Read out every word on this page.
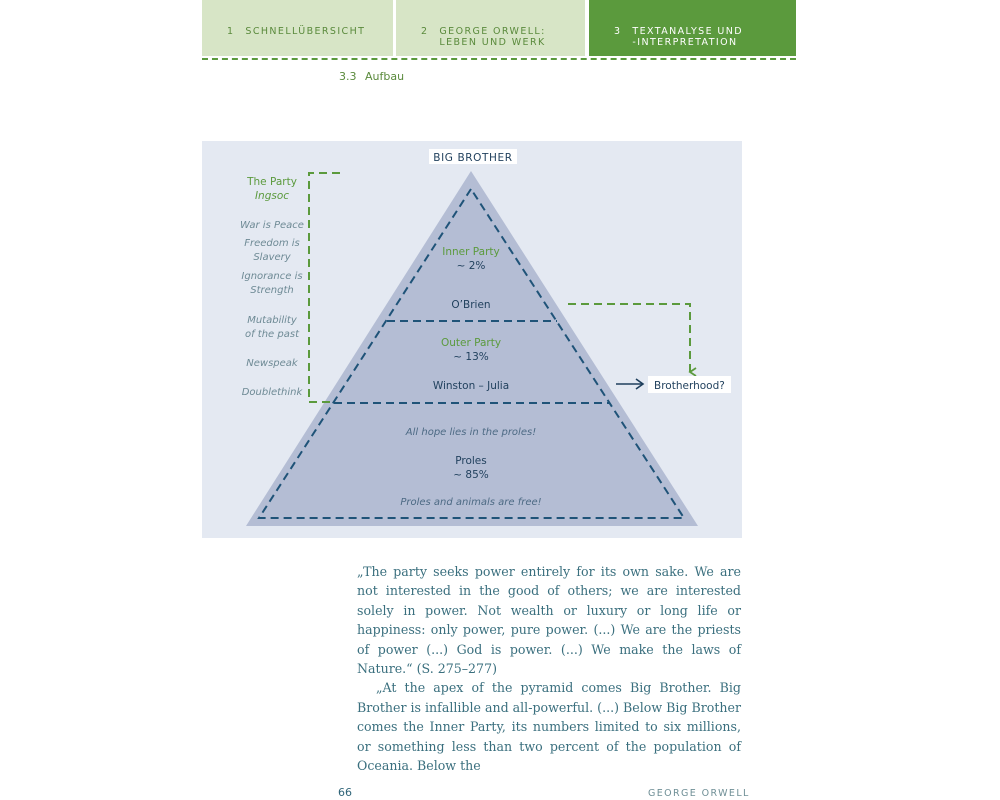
1 SCHNELLÜBERSICHT	2 GEORGE ORWELL:
LEBEN UND WERK
3 TEXTANALYSE UND
-INTERPRETATION
3.3 Aufbau
BIG BROTHER
Inner Party
~ 2%
O’Brien
Outer Party
~ 13%
Winston – Julia
All hope lies in the proles!
Proles
~ 85%
Proles and animals are free!
The Party
Ingsoc
War is Peace
Freedom is
Slavery
Ignorance is
Strength
Mutability
of the past
Newspeak
Doublethink
Brotherhood?

„The party seeks power entirely for its own sake. We are not interested in the good of others; we are interested solely in power. Not wealth or luxury or long life or happiness: only power, pure power. (...) We are the priests of power (...) God is power. (...) We make the laws of Nature.“ (S. 275–277)

„At the apex of the pyramid comes Big Brother. Big Brother is infallible and all-powerful. (...) Below Big Brother comes the Inner Party, its numbers limited to six millions, or something less than two percent of the population of Oceania. Below the

66	GEORGE ORWELL
